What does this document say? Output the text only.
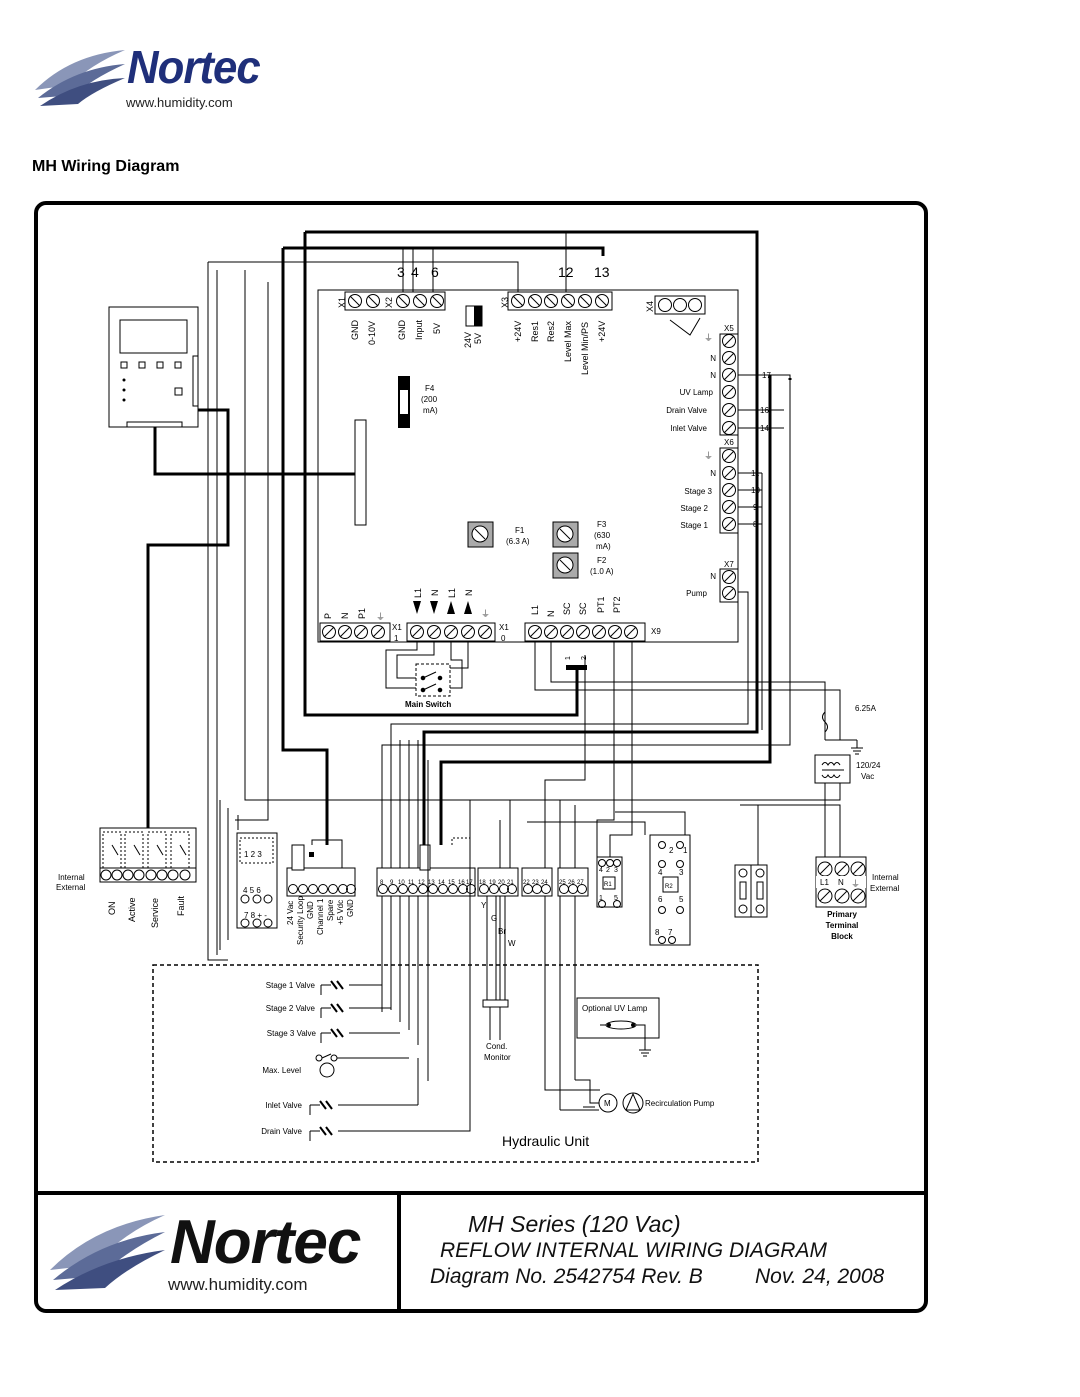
Nortec
www.humidity.com
MH Wiring Diagram
3 4 6	12 13
X1	X2
GND 0-10V GND Input 5V
24V 5V
X3
+24V Res1 Res2 Level Max Level Min/PS +24V
X4
F4
(200
mA)
X5
⏚
N
N
UV Lamp
Drain Valve
Inlet Valve
17
16
14
X6
⏚
N
Stage 3
Stage 2
Stage 1
11
10
9
8
F1
(6.3 A)
F3
(630
mA)
F2
(1.0 A)
X7
N
Pump
P N P1 ⏚
X1
1
L1 N L1 N
⏚
X1
0
X9
L1 N SC SC PT1 PT2
1 2
Main Switch	6.25A
120/24
Vac
L1 N ⏚
Internal
External
Primary
Terminal
Block
Internal
External
ON Active Service Fault
1 2 3
4 5 6
7 8 + - 24 Vac Security Loop GND Channel 1 Spare +5 Vdc GND
8 9 10 11 12 13 14 15 16 17 18 19 20 21 22 23 24 25 26 27
Y
G
Br
W
R1
4 2 3
1 5
R2
2 1
4 3
6 5
8 7
Stage 1 Valve
Stage 2 Valve
Stage 3 Valve
Max. Level
Inlet Valve
Drain Valve
Cond.
Monitor
Optional UV Lamp
M	Recirculation Pump
Hydraulic Unit
Nortec
www.humidity.com
MH Series (120 Vac)
REFLOW INTERNAL WIRING DIAGRAM
Diagram No. 2542754 Rev. B Nov. 24, 2008
